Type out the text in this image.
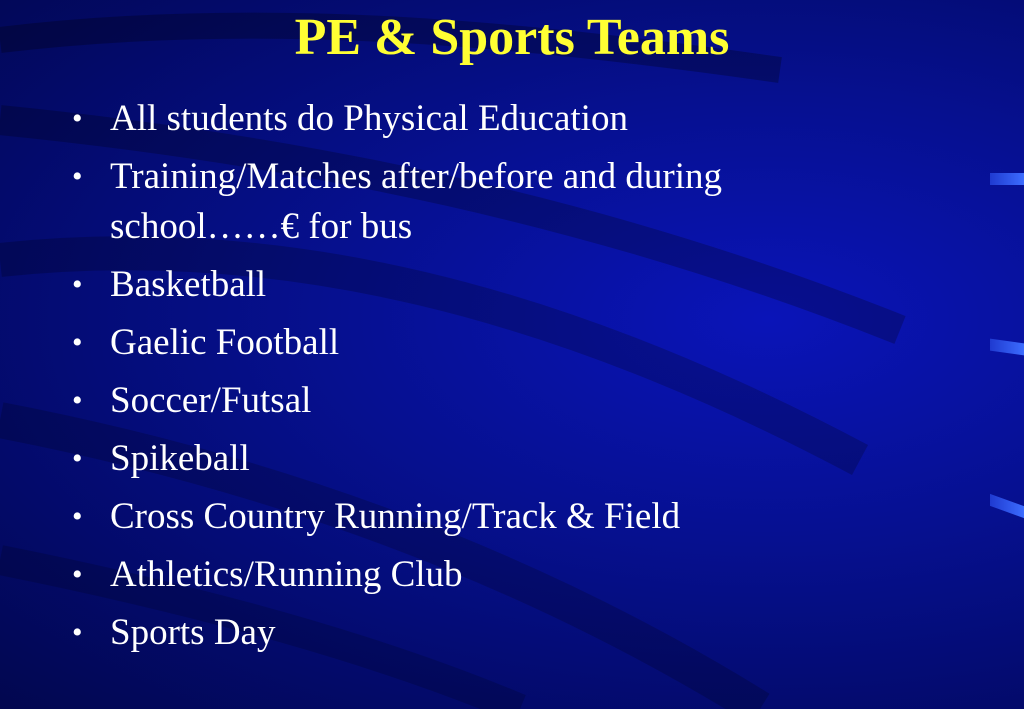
PE & Sports Teams
• All students do Physical Education
• Training/Matches after/before and during
school……€ for bus
• Basketball
• Gaelic Football
• Soccer/Futsal
• Spikeball
• Cross Country Running/Track & Field
• Athletics/Running Club
• Sports Day
